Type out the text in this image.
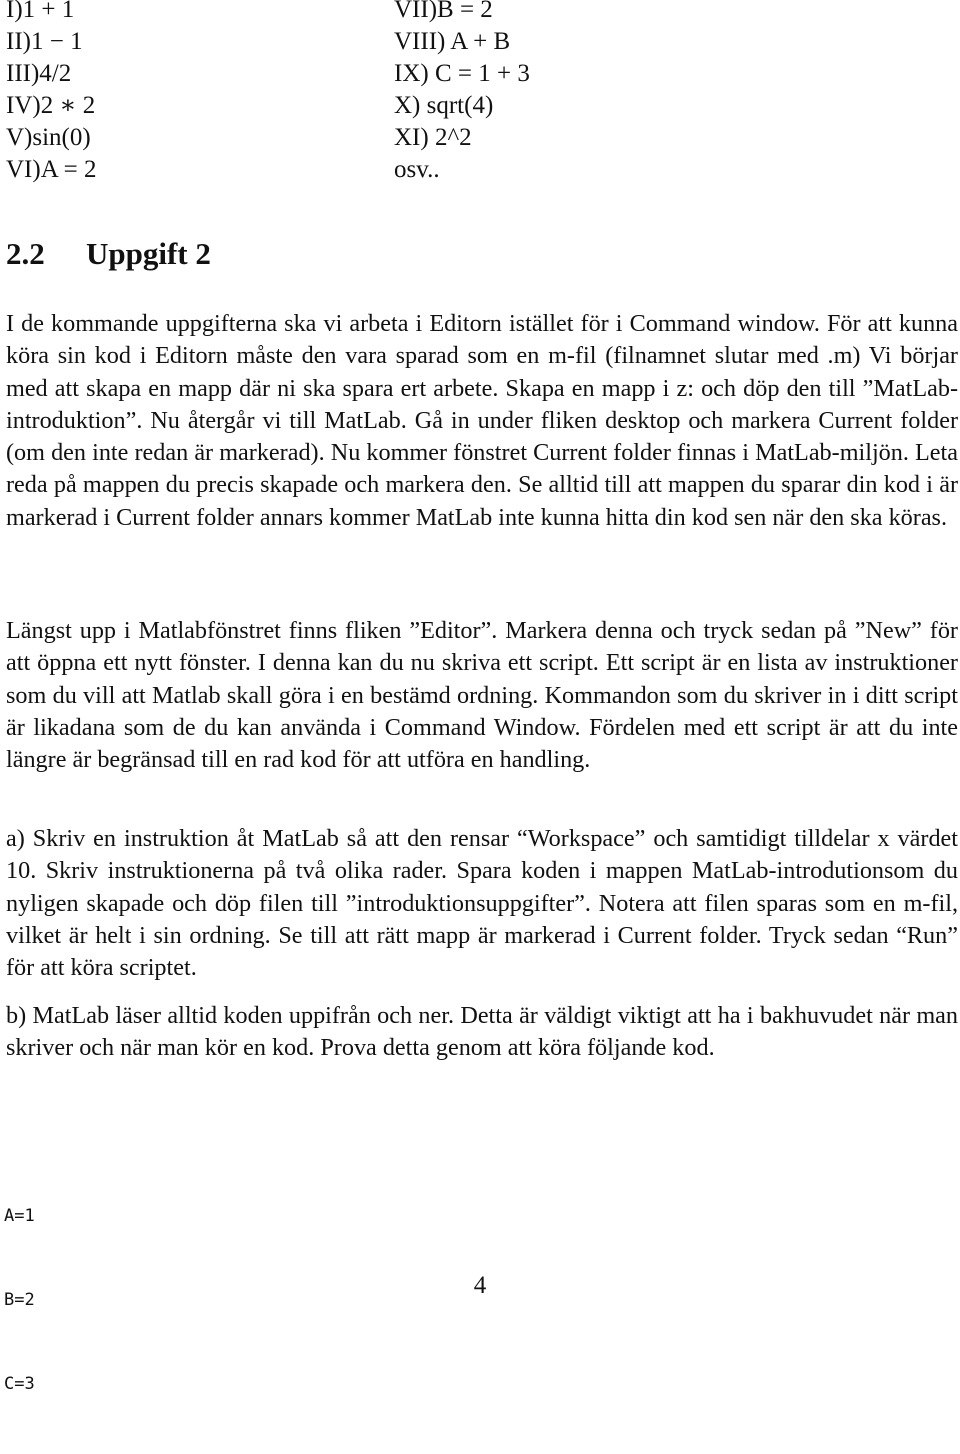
I)1 + 1
II)1 − 1
III)4/2
IV)2 ∗ 2
V)sin(0)
VI)A = 2
VII)B = 2
VIII) A + B
IX) C = 1 + 3
X) sqrt(4)
XI) 2^2
osv..
2.2 Uppgift 2

I de kommande uppgifterna ska vi arbeta i Editorn istället för i Command window. För att kunna köra sin kod i Editorn måste den vara sparad som en m-fil (filnamnet slutar med .m) Vi börjar med att skapa en mapp där ni ska spara ert arbete. Skapa en mapp i z: och döp den till ”MatLab-introduktion”. Nu återgår vi till MatLab. Gå in under fliken desktop och markera Current folder (om den inte redan är markerad). Nu kommer fönstret Current folder finnas i MatLab-miljön. Leta reda på mappen du precis skapade och markera den. Se alltid till att mappen du sparar din kod i är markerad i Current folder annars kommer MatLab inte kunna hitta din kod sen när den ska köras.

Längst upp i Matlabfönstret finns fliken ”Editor”. Markera denna och tryck sedan på ”New” för att öppna ett nytt fönster. I denna kan du nu skriva ett script. Ett script är en lista av instruktioner som du vill att Matlab skall göra i en bestämd ordning. Kommandon som du skriver in i ditt script är likadana som de du kan använda i Command Window. Fördelen med ett script är att du inte längre är begränsad till en rad kod för att utföra en handling.

a) Skriv en instruktion åt MatLab så att den rensar “Workspace” och samtidigt tilldelar x värdet 10. Skriv instruktionerna på två olika rader. Spara koden i mappen MatLab-introdutionsom du nyligen skapade och döp filen till ”introduktionsuppgifter”. Notera att filen sparas som en m-fil, vilket är helt i sin ordning. Se till att rätt mapp är markerad i Current folder. Tryck sedan “Run” för att köra scriptet.

b) MatLab läser alltid koden uppifrån och ner. Detta är väldigt viktigt att ha i bakhuvudet när man skriver och när man kör en kod. Prova detta genom att köra följande kod.

A=1

B=2

C=3

4
